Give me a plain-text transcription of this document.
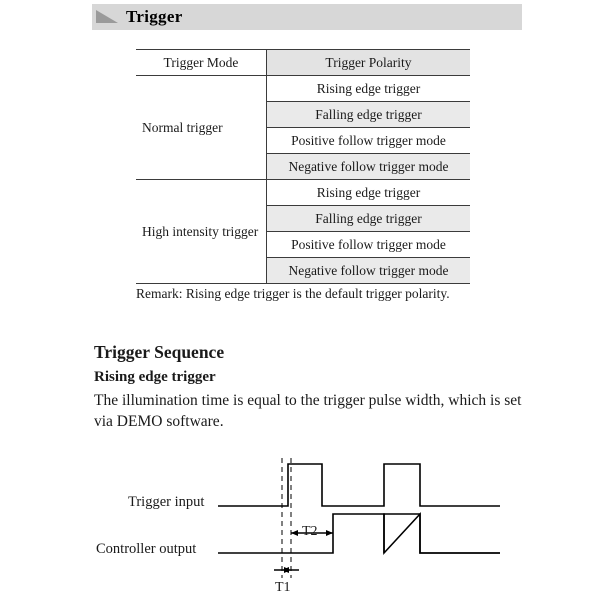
Trigger
Trigger Mode	Trigger Polarity
Normal trigger	Rising edge trigger
	Falling edge trigger
	Positive follow trigger mode
	Negative follow trigger mode
High intensity trigger	Rising edge trigger
	Falling edge trigger
	Positive follow trigger mode
	Negative follow trigger mode
Remark: Rising edge trigger is the default trigger polarity.
Trigger Sequence
Rising edge trigger
The illumination time is equal to the trigger pulse width, which is set via DEMO software.
Trigger input
Controller output
T2
T1
